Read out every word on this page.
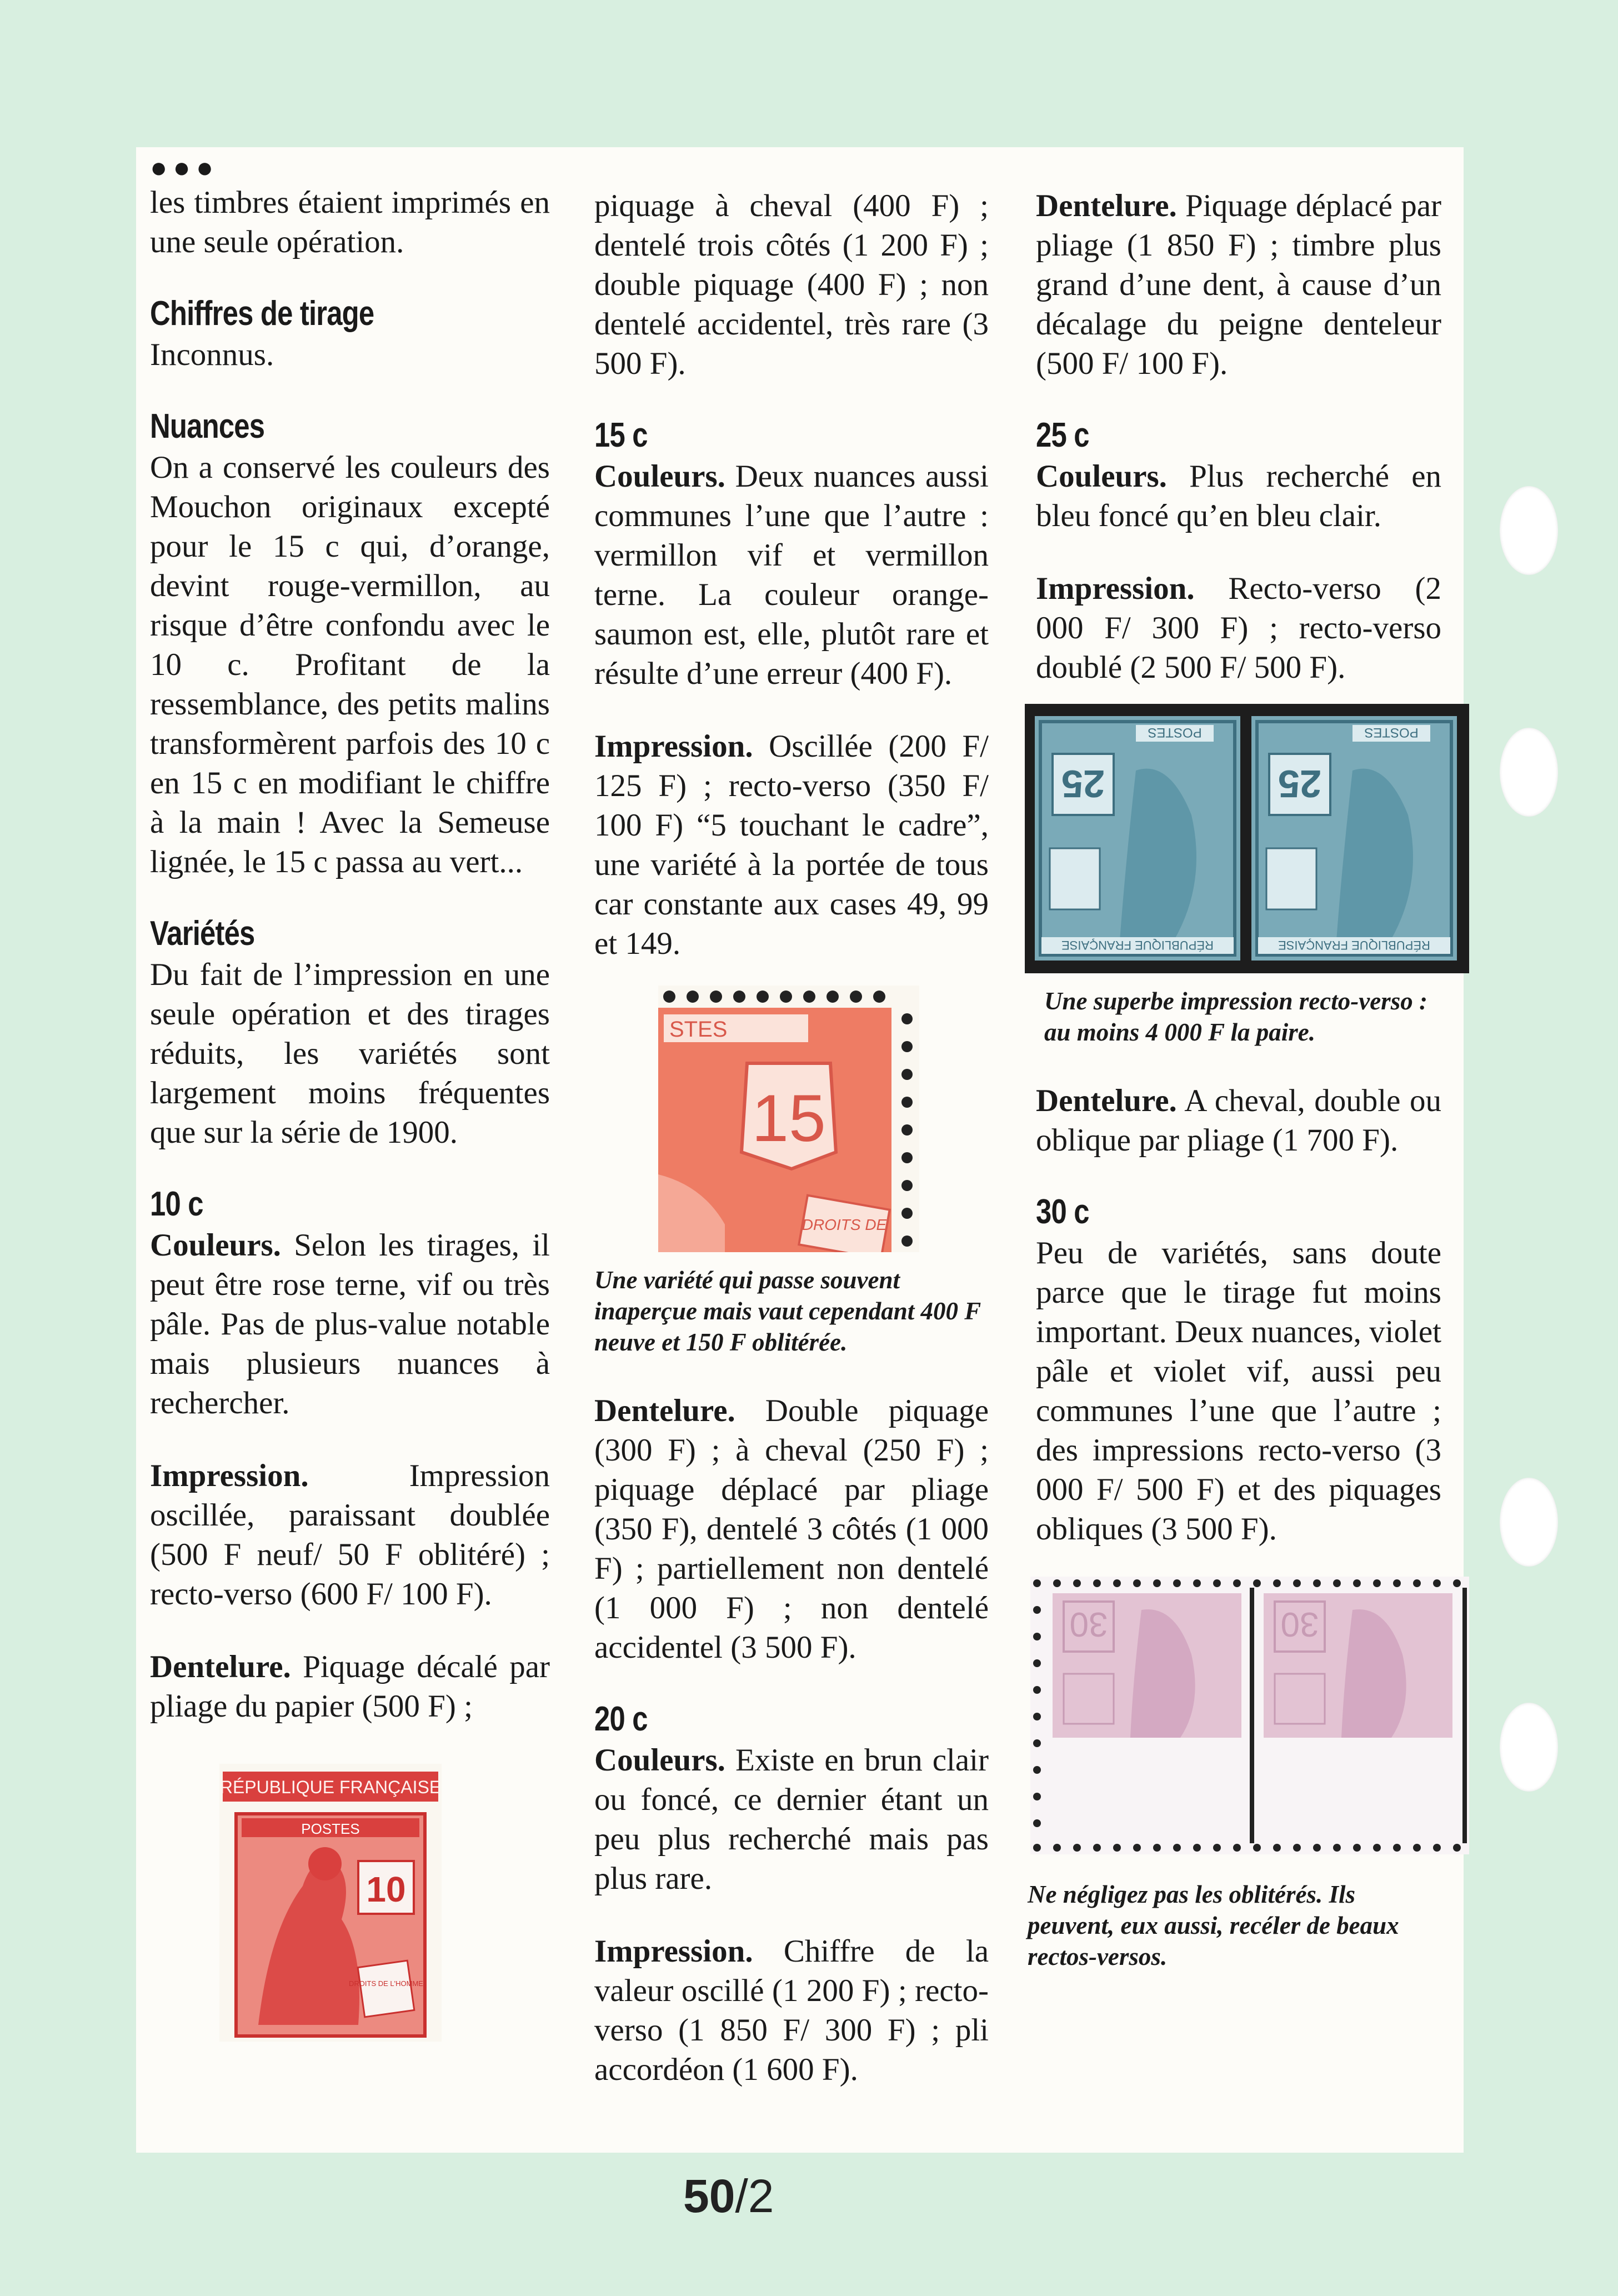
●●●

les timbres étaient imprimés en une seule opération.

Chiffres de tirage

Inconnus.

Nuances

On a conservé les couleurs des Mouchon originaux excepté pour le 15 c qui, d’orange, devint rouge-vermillon, au risque d’être confondu avec le 10 c. Profitant de la ressemblance, des petits malins transformèrent parfois des 10 c en 15 c en modifiant le chiffre à la main ! Avec la Semeuse lignée, le 15 c passa au vert...

Variétés

Du fait de l’impression en une seule opération et des tirages réduits, les variétés sont largement moins fréquentes que sur la série de 1900.

10 c

Couleurs. Selon les tirages, il peut être rose terne, vif ou très pâle. Pas de plus-value notable mais plusieurs nuances à rechercher.

Impression. Impression oscillée, paraissant doublée (500 F neuf/ 50 F oblitéré) ; recto-verso (600 F/ 100 F).

Dentelure. Piquage décalé par pliage du papier (500 F) ;

RÉPUBLIQUE FRANÇAISE
POSTES
10
DROITS DE L'HOMME

piquage à cheval (400 F) ; dentelé trois côtés (1 200 F) ; double piquage (400 F) ; non dentelé accidentel, très rare (3 500 F).

15 c

Couleurs. Deux nuances aussi communes l’une que l’autre : vermillon vif et vermillon terne. La couleur orange-saumon est, elle, plutôt rare et résulte d’une erreur (400 F).

Impression. Oscillée (200 F/ 125 F) ; recto-verso (350 F/ 100 F) “5 touchant le cadre”, une variété à la portée de tous car constante aux cases 49, 99 et 149.

STES
15
DROITS DE
Une variété qui passe souvent inaperçue mais vaut cependant 400 F neuve et 150 F oblitérée.

Dentelure. Double piquage (300 F) ; à cheval (250 F) ; piquage déplacé par pliage (350 F), dentelé 3 côtés (1 000 F) ; partiellement non dentelé (1 000 F) ; non dentelé accidentel (3 500 F).

20 c

Couleurs. Existe en brun clair ou foncé, ce dernier étant un peu plus recherché mais pas plus rare.

Impression. Chiffre de la valeur oscillé (1 200 F) ; recto-verso (1 850 F/ 300 F) ; pli accordéon (1 600 F).

Dentelure. Piquage déplacé par pliage (1 850 F) ; timbre plus grand d’une dent, à cause d’un décalage du peigne denteleur (500 F/ 100 F).

25 c

Couleurs. Plus recherché en bleu foncé qu’en bleu clair.

Impression. Recto-verso (2 000 F/ 300 F) ; recto-verso doublé (2 500 F/ 500 F).

POSTES	POSTES
25	25
RÉPUBLIQUE FRANÇAISE	RÉPUBLIQUE FRANÇAISE
Une superbe impression recto-verso : au moins 4 000 F la paire.

Dentelure. A cheval, double ou oblique par pliage (1 700 F).

30 c

Peu de variétés, sans doute parce que le tirage fut moins important. Deux nuances, violet pâle et violet vif, aussi peu communes l’une que l’autre ; des impressions recto-verso (3 000 F/ 500 F) et des piquages obliques (3 500 F).

30	30
Ne négligez pas les oblitérés. Ils peuvent, eux aussi, recéler de beaux rectos-versos.
50/2
